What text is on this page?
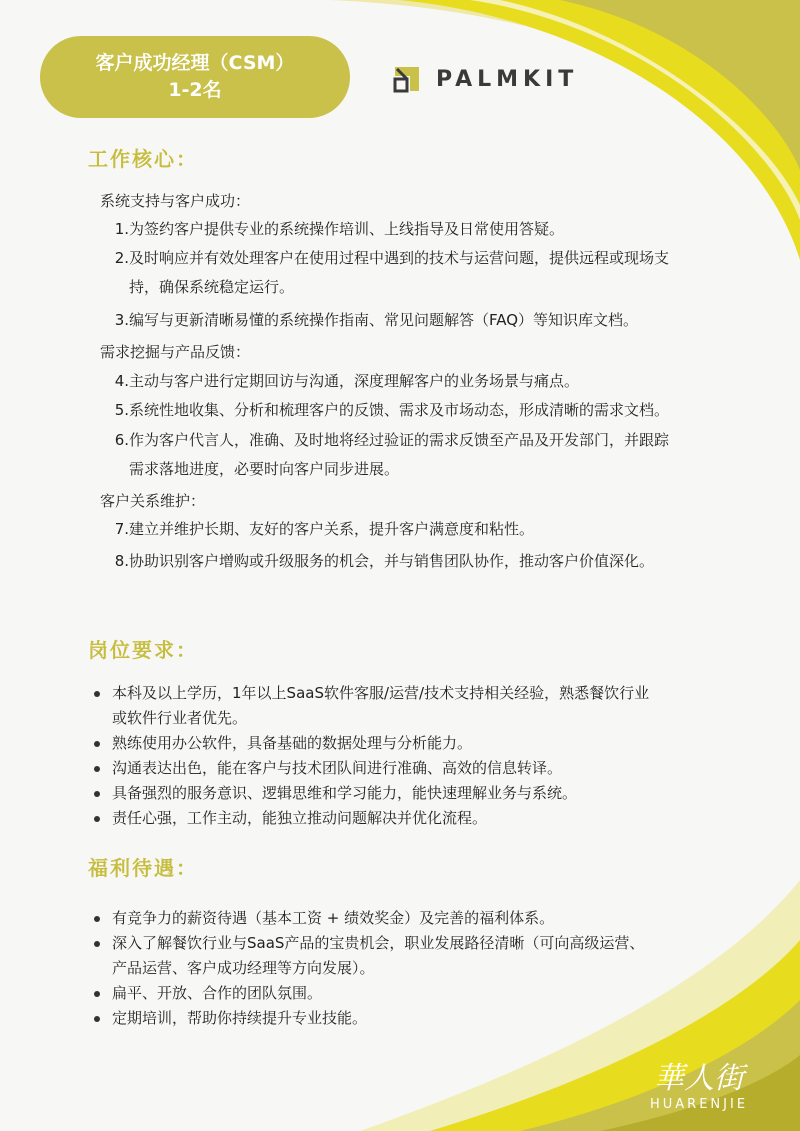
客户成功经理（CSM）
1-2名	PALMKIT
工作核心：
系统支持与客户成功：
1.为签约客户提供专业的系统操作培训、上线指导及日常使用答疑。
2.及时响应并有效处理客户在使用过程中遇到的技术与运营问题，提供远程或现场支
持，确保系统稳定运行。
3.编写与更新清晰易懂的系统操作指南、常见问题解答（FAQ）等知识库文档。
需求挖掘与产品反馈：
4.主动与客户进行定期回访与沟通，深度理解客户的业务场景与痛点。
5.系统性地收集、分析和梳理客户的反馈、需求及市场动态，形成清晰的需求文档。
6.作为客户代言人，准确、及时地将经过验证的需求反馈至产品及开发部门，并跟踪
需求落地进度，必要时向客户同步进展。
客户关系维护：
7.建立并维护长期、友好的客户关系，提升客户满意度和粘性。
8.协助识别客户增购或升级服务的机会，并与销售团队协作，推动客户价值深化。
岗位要求：
本科及以上学历，1年以上SaaS软件客服/运营/技术支持相关经验，熟悉餐饮行业
或软件行业者优先。
熟练使用办公软件，具备基础的数据处理与分析能力。
沟通表达出色，能在客户与技术团队间进行准确、高效的信息转译。
具备强烈的服务意识、逻辑思维和学习能力，能快速理解业务与系统。
责任心强，工作主动，能独立推动问题解决并优化流程。
福利待遇：
有竞争力的薪资待遇（基本工资 + 绩效奖金）及完善的福利体系。
深入了解餐饮行业与SaaS产品的宝贵机会，职业发展路径清晰（可向高级运营、
产品运营、客户成功经理等方向发展）。
扁平、开放、合作的团队氛围。
定期培训，帮助你持续提升专业技能。
華人街
HUARENJIE
